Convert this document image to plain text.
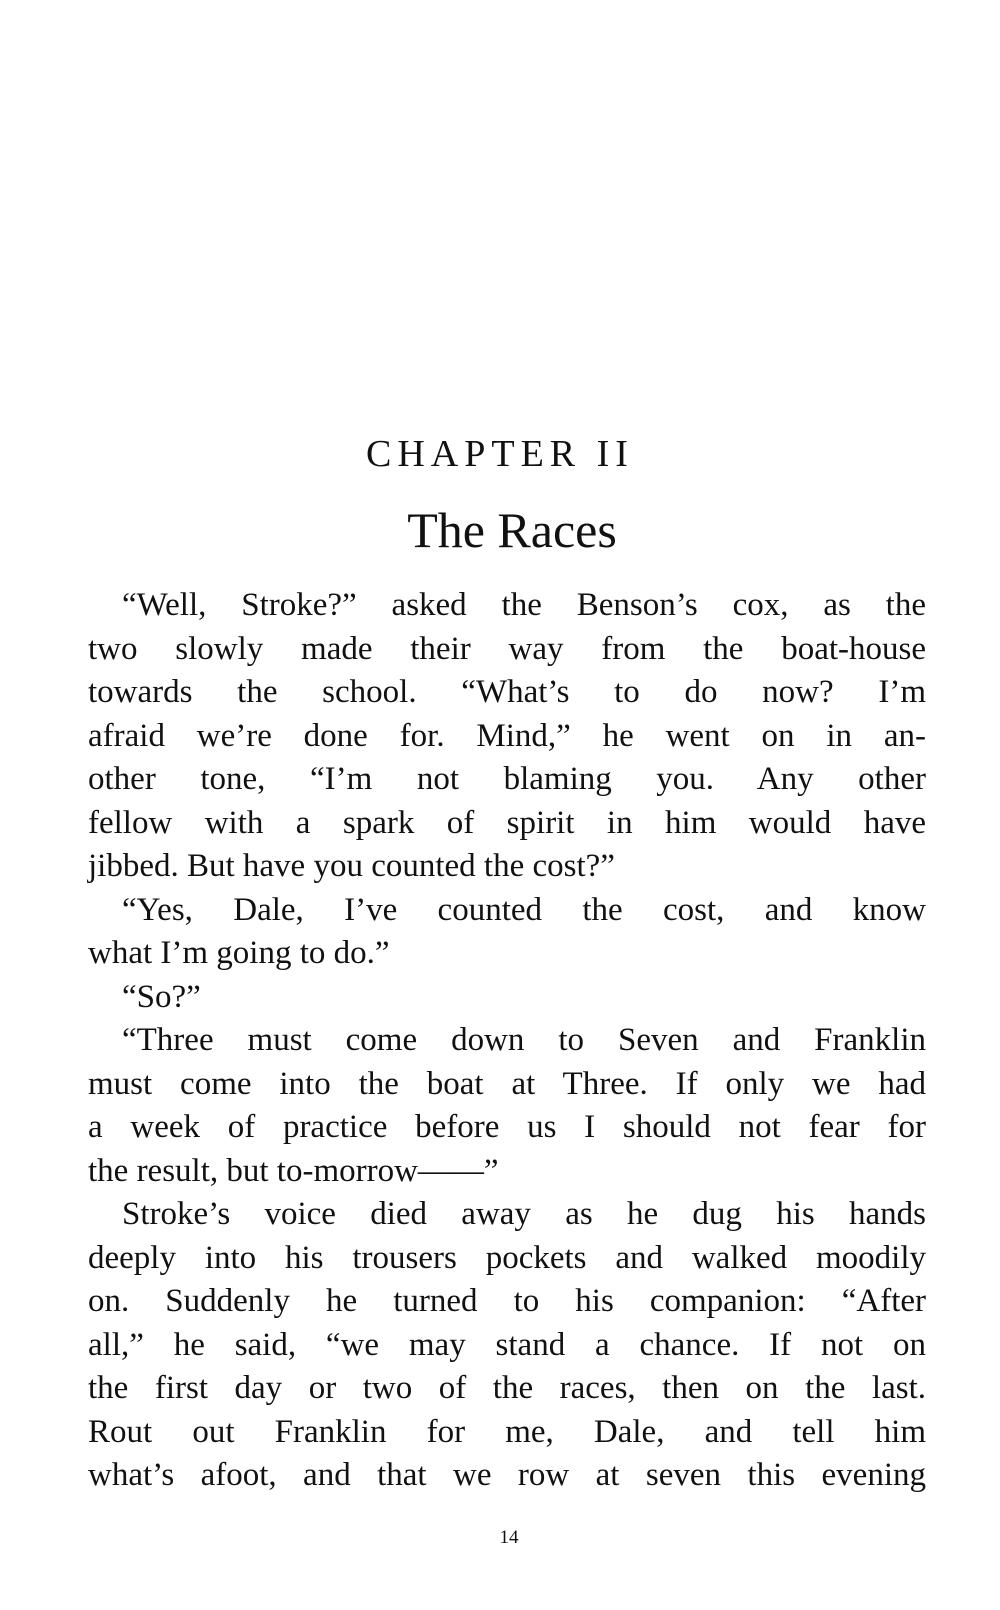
CHAPTER II
The Races
“Well, Stroke?” asked the Benson’s cox, as the
two slowly made their way from the boat-house
towards the school. “What’s to do now? I’m
afraid we’re done for. Mind,” he went on in an-
other tone, “I’m not blaming you. Any other
fellow with a spark of spirit in him would have
jibbed. But have you counted the cost?”
“Yes, Dale, I’ve counted the cost, and know
what I’m going to do.”
“So?”
“Three must come down to Seven and Franklin
must come into the boat at Three. If only we had
a week of practice before us I should not fear for
the result, but to-morrow——”
Stroke’s voice died away as he dug his hands
deeply into his trousers pockets and walked moodily
on. Suddenly he turned to his companion: “After
all,” he said, “we may stand a chance. If not on
the first day or two of the races, then on the last.
Rout out Franklin for me, Dale, and tell him
what’s afoot, and that we row at seven this evening
14
